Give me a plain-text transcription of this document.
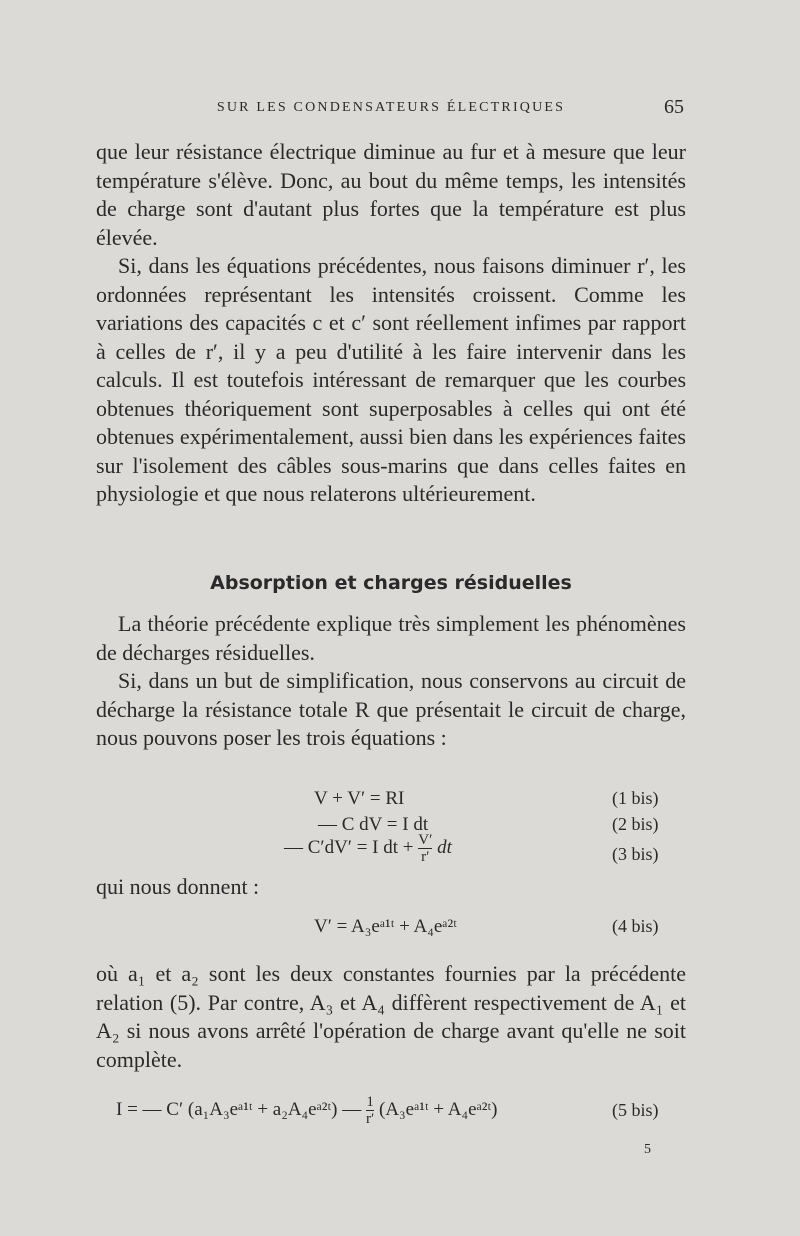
SUR LES CONDENSATEURS ÉLECTRIQUES	65

que leur résistance électrique diminue au fur et à mesure que leur température s'élève. Donc, au bout du même temps, les intensités de charge sont d'autant plus fortes que la température est plus élevée.

Si, dans les équations précédentes, nous faisons diminuer r′, les ordonnées représentant les intensités croissent. Comme les variations des capacités c et c′ sont réellement infimes par rapport à celles de r′, il y a peu d'utilité à les faire intervenir dans les calculs. Il est toutefois intéressant de remarquer que les courbes obtenues théoriquement sont superposables à celles qui ont été obtenues expérimentalement, aussi bien dans les expériences faites sur l'isolement des câbles sous-marins que dans celles faites en physiologie et que nous relaterons ultérieurement.

Absorption et charges résiduelles

La théorie précédente explique très simplement les phénomènes de décharges résiduelles.

Si, dans un but de simplification, nous conservons au circuit de décharge la résistance totale R que présentait le circuit de charge, nous pouvons poser les trois équations :

V + V′ = RI	(1 bis)
— C dV = I dt	(2 bis)
— C′dV′ = I dt + $\frac{V'}{r'}$ dt	(3 bis)
qui nous donnent :
V′ = A₃eᵃ¹ᵗ + A₄eᵃ²ᵗ	(4 bis)

où a₁ et a₂ sont les deux constantes fournies par la précédente relation (5). Par contre, A₃ et A₄ diffèrent respectivement de A₁ et A₂ si nous avons arrêté l'opération de charge avant qu'elle ne soit complète.

I = — C′ (a₁A₃eᵃ¹ᵗ + a₂A₄eᵃ²ᵗ) — $\frac{1}{r'}$ (A₃eᵃ¹ᵗ + A₄eᵃ²ᵗ)	(5 bis)
5
